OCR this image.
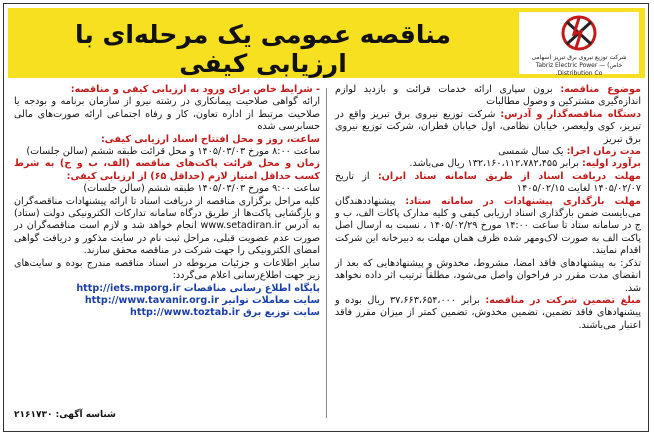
مناقصه عمومی یک مرحله‌ای با ارزیابی کیفی	شرکت توزیع نیروی برق تبریز (سهامی خاص) — Tabriz Electric Power Distribution Co.

موضوع مناقصه: برون سپاری ارائه خدمات قرائت و بازدید لوازم اندازه‌گیری مشترکین و وصول مطالبات

دستگاه مناقصه‌گذار و آدرس: شرکت توزیع نیروی برق تبریز واقع در تبریز، کوی ولیعصر، خیابان نظامی، اول خیابان قطران، شرکت توزیع نیروی برق تبریز

مدت زمان اجرا: یک سال شمسی

برآورد اولیه: برابر ۱۳۲،۱۶۰،۱۱۲،۷۸۲،۴۵۵ ریال می‌باشد.

مهلت دریافت اسناد از طریق سامانه ستاد ایران: از تاریخ ۱۴۰۵/۰۲/۰۷ لغایت ۱۴۰۵/۰۲/۱۵

مهلت بارگذاری پیشنهادات در سامانه ستاد: پیشنهاددهندگان می‌بایست ضمن بارگذاری اسناد ارزیابی کیفی و کلیه مدارک پاکات الف، ب و ج در سامانه ستاد تا ساعت ۱۴:۰۰ مورخ ۱۴۰۵/۰۲/۲۹ ، نسبت به ارسال اصل پاکت الف به صورت لاک‌ومهر شده ظرف همان مهلت به دبیرخانه این شرکت اقدام نمایند.

تذکر: به پیشنهادهای فاقد امضا، مشروط، مخدوش و پیشنهادهایی که بعد از انقضای مدت مقرر در فراخوان واصل می‌شود، مطلقاً ترتیب اثر داده نخواهد شد.

مبلغ تضمین شرکت در مناقصه: برابر ۳۷،۶۶۳،۶۵۴،۰۰۰ ریال بوده و پیشنهادهای فاقد تضمین، تضمین مخدوش، تضمین کمتر از میزان مقرر فاقد اعتبار می‌باشند.

- شرایط خاص برای ورود به ارزیابی کیفی و مناقصه:

ارائه گواهی صلاحیت پیمانکاری در رشته نیرو از سازمان برنامه و بودجه یا صلاحیت مرتبط از اداره تعاون، کار و رفاه اجتماعی ارائه صورت‌های مالی حسابرسی شده

ساعت، روز و محل افتتاح اسناد ارزیابی کیفی:

ساعت ۸:۰۰ مورخ ۱۴۰۵/۰۳/۰۳ و محل قرائت طبقه ششم (سالن جلسات)

زمان و محل قرائت پاکت‌های مناقصه (الف، ب و ج) به شرط کسب حداقل امتیاز لازم (حداقل ۶۵) از ارزیابی کیفی:

ساعت ۹:۰۰ مورخ ۱۴۰۵/۰۳/۰۳ طبقه ششم (سالن جلسات)

کلیه مراحل برگزاری مناقصه از دریافت اسناد تا ارائه پیشنهادات مناقصه‌گران و بازگشایی پاکت‌ها از طریق درگاه سامانه تدارکات الکترونیکی دولت (ستاد) به آدرس www.setadiran.ir انجام خواهد شد و لازم است مناقصه‌گران در صورت عدم عضویت قبلی، مراحل ثبت نام در سایت مذکور و دریافت گواهی امضای الکترونیکی را جهت شرکت در مناقصه محقق سازند.

سایر اطلاعات و جزئیات مربوطه در اسناد مناقصه مندرج بوده و سایت‌های زیر جهت اطلاع‌رسانی اعلام می‌گردد:

پایگاه اطلاع رسانی مناقصات http://iets.mporg.ir

سایت معاملات توانیر http://www.tavanir.org.ir

سایت توزیع برق http://www.toztab.ir

شناسه آگهی: ۲۱۶۱۷۳۰
